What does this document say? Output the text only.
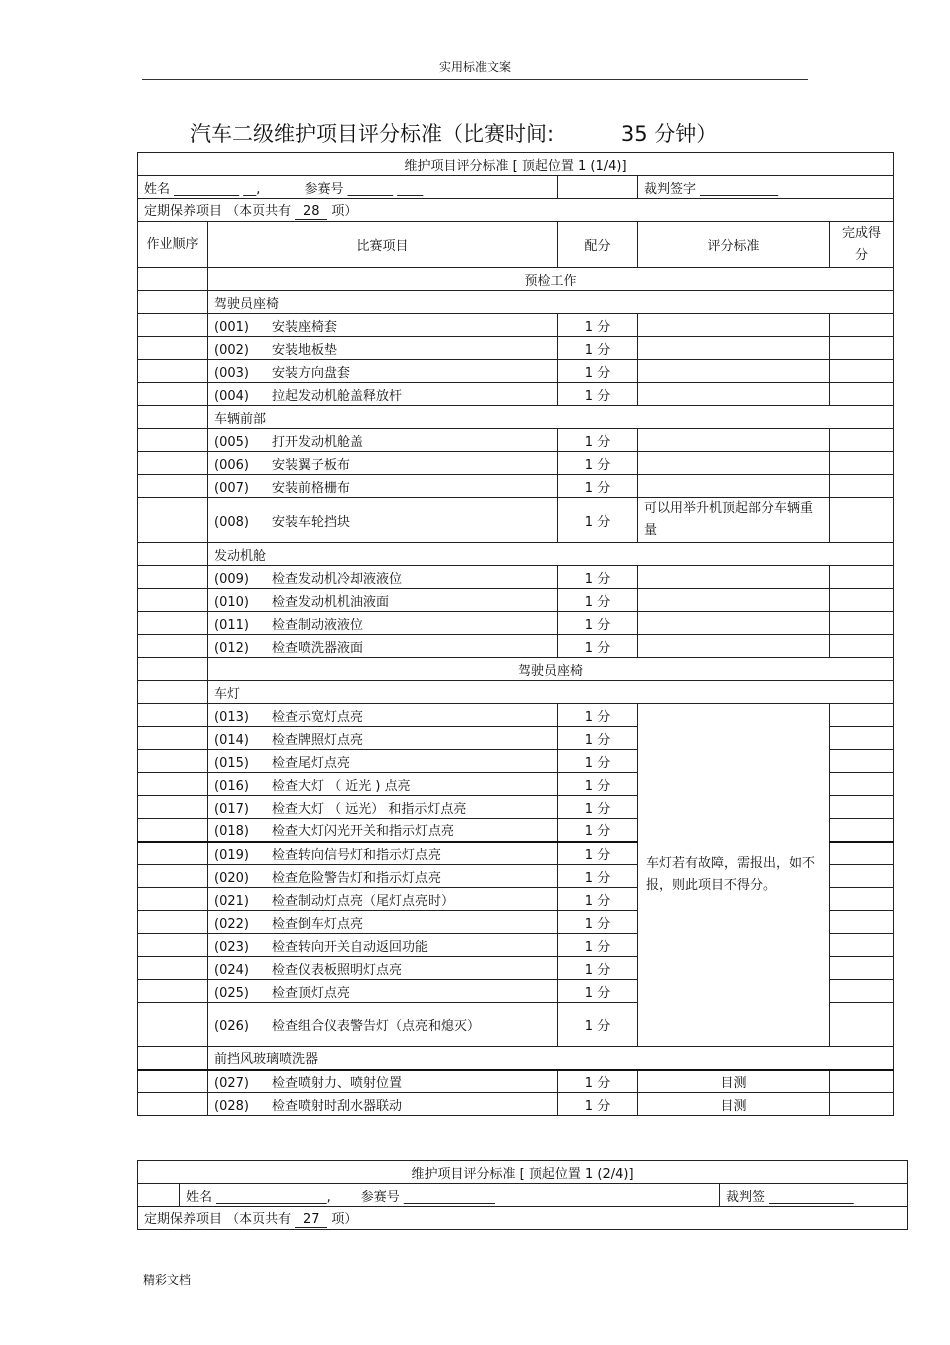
实用标准文案
汽车二级维护项目评分标准（比赛时间:	35 分钟）
维护项目评分标准 [ 顶起位置 1 (1/4)]				
姓名 __________ __, 参赛号 _______ ____			裁判签字 ____________	
定期保养项目 （本页共有 28 项）				
作业顺序	比赛项目	配分	评分标准	完成得分
	预检工作			
	驾驶员座椅			
	(001) 安装座椅套	1 分		
	(002) 安装地板垫	1 分		
	(003) 安装方向盘套	1 分		
	(004) 拉起发动机舱盖释放杆	1 分		
	车辆前部			
	(005) 打开发动机舱盖	1 分		
	(006) 安装翼子板布	1 分		
	(007) 安装前格栅布	1 分		
	(008) 安装车轮挡块	1 分	可以用举升机顶起部分车辆重量	
	发动机舱			
	(009) 检查发动机冷却液液位	1 分		
	(010) 检查发动机机油液面	1 分		
	(011) 检查制动液液位	1 分		
	(012) 检查喷洗器液面	1 分		
	驾驶员座椅			
	车灯			
	(013) 检查示宽灯点亮	1 分	车灯若有故障，需报出，如不报，则此项目不得分。	
	(014) 检查牌照灯点亮	1 分		
	(015) 检查尾灯点亮	1 分		
	(016) 检查大灯 （ 近光 ) 点亮	1 分		
	(017) 检查大灯 （ 远光） 和指示灯点亮	1 分		
	(018) 检查大灯闪光开关和指示灯点亮	1 分		
	(019) 检查转向信号灯和指示灯点亮	1 分		
	(020) 检查危险警告灯和指示灯点亮	1 分		
	(021) 检查制动灯点亮（尾灯点亮时）	1 分		
	(022) 检查倒车灯点亮	1 分		
	(023) 检查转向开关自动返回功能	1 分		
	(024) 检查仪表板照明灯点亮	1 分		
	(025) 检查顶灯点亮	1 分		
	(026) 检查组合仪表警告灯（点亮和熄灭）	1 分		
	前挡风玻璃喷洗器			
	(027) 检查喷射力、喷射位置	1 分	目测	
	(028) 检查喷射时刮水器联动	1 分	目测	
维护项目评分标准 [ 顶起位置 1 (2/4)]
	姓名 _________________, 参赛号 ______________	裁判签 _____________
定期保养项目 （本页共有 27 项）
精彩文档
